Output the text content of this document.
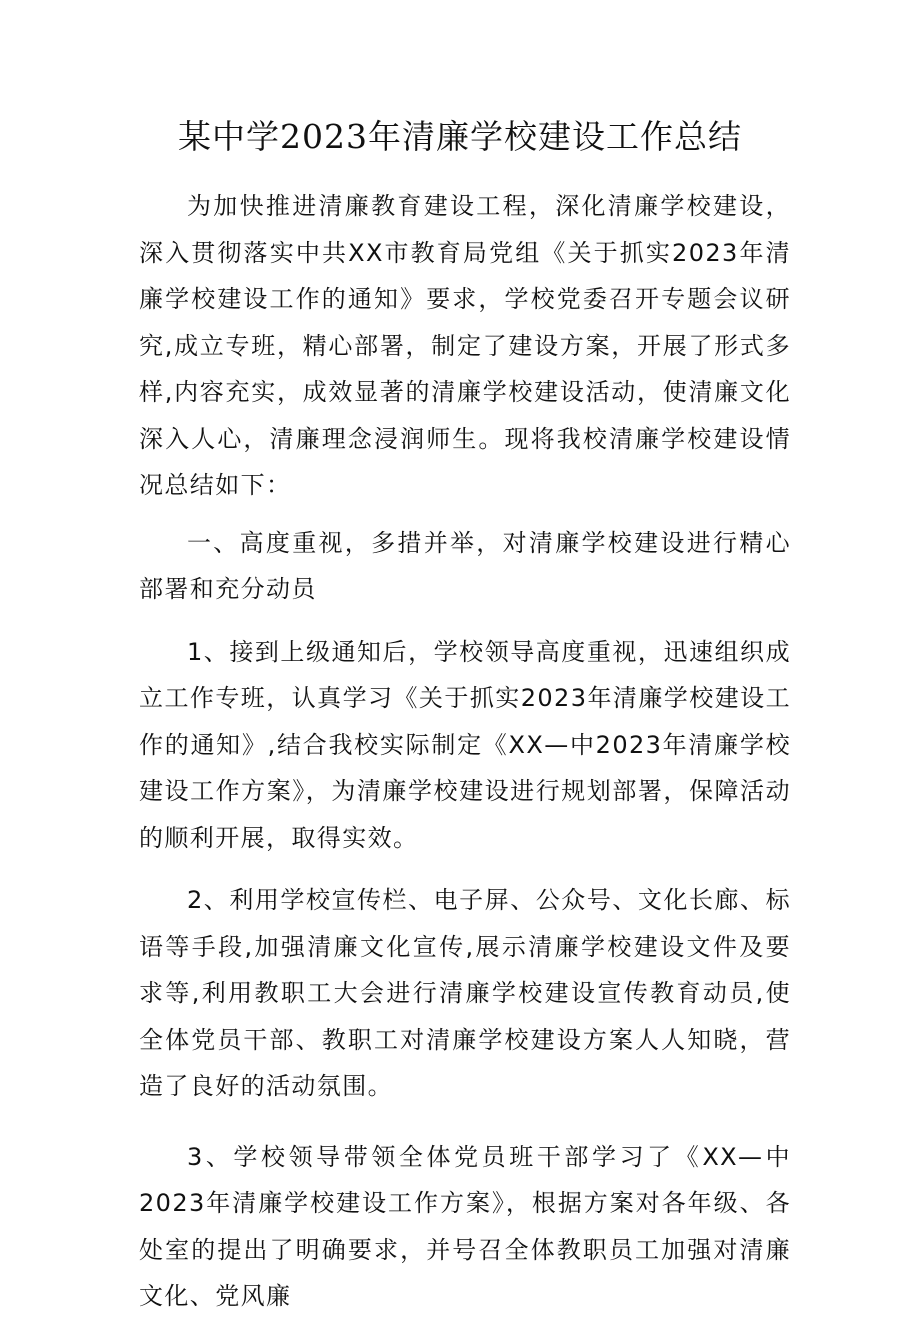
某中学2023年清廉学校建设工作总结

为加快推进清廉教育建设工程，深化清廉学校建设，深入贯彻落实中共XX市教育局党组《关于抓实2023年清廉学校建设工作的通知》要求，学校党委召开专题会议研究,成立专班，精心部署，制定了建设方案，开展了形式多样,内容充实，成效显著的清廉学校建设活动，使清廉文化深入人心，清廉理念浸润师生。现将我校清廉学校建设情况总结如下：

一、高度重视，多措并举，对清廉学校建设进行精心部署和充分动员

1、接到上级通知后，学校领导高度重视，迅速组织成立工作专班，认真学习《关于抓实2023年清廉学校建设工作的通知》,结合我校实际制定《XX—中2023年清廉学校建设工作方案》，为清廉学校建设进行规划部署，保障活动的顺利开展，取得实效。

2、利用学校宣传栏、电子屏、公众号、文化长廊、标语等手段,加强清廉文化宣传,展示清廉学校建设文件及要求等,利用教职工大会进行清廉学校建设宣传教育动员,使全体党员干部、教职工对清廉学校建设方案人人知晓，营造了良好的活动氛围。

3、学校领导带领全体党员班干部学习了《XX—中2023年清廉学校建设工作方案》，根据方案对各年级、各处室的提出了明确要求，并号召全体教职员工加强对清廉文化、党风廉
